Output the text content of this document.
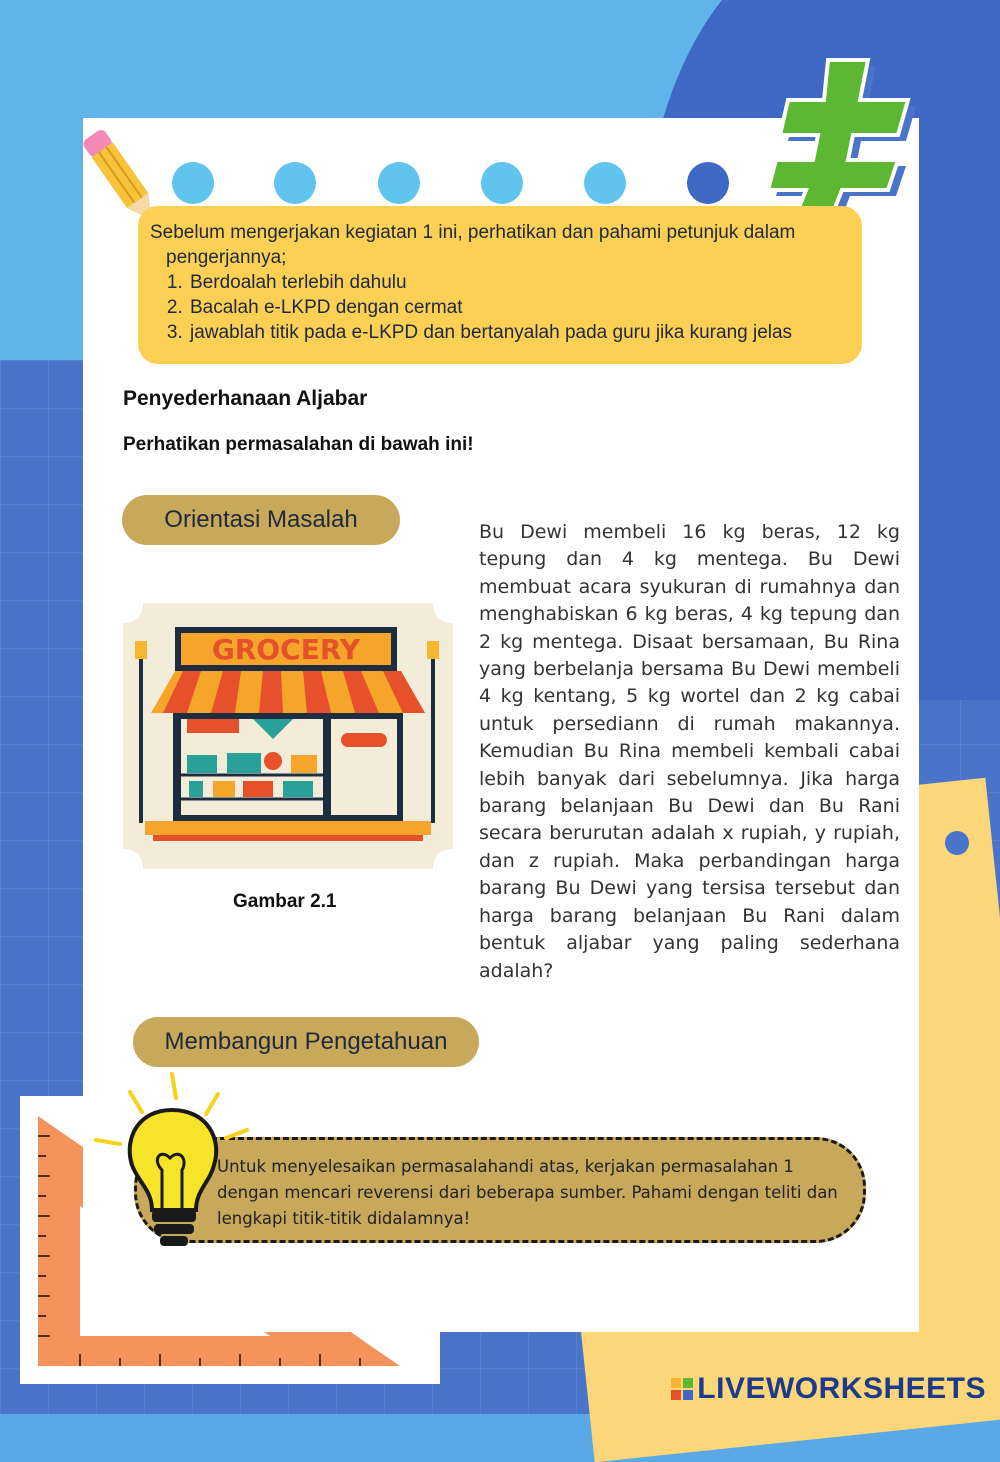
Sebelum mengerjakan kegiatan 1 ini, perhatikan dan pahami petunjuk dalam pengerjannya;
1. Berdoalah terlebih dahulu
2. Bacalah e-LKPD dengan cermat
3. jawablah titik pada e-LKPD dan bertanyalah pada guru jika kurang jelas
Penyederhanaan Aljabar
Perhatikan permasalahan di bawah ini!
Orientasi Masalah
GROCERY
Gambar 2.1
Bu Dewi membeli 16 kg beras, 12 kg tepung dan 4 kg mentega. Bu Dewi membuat acara syukuran di rumahnya dan menghabiskan 6 kg beras, 4 kg tepung dan 2 kg mentega. Disaat bersamaan, Bu Rina yang berbelanja bersama Bu Dewi membeli 4 kg kentang, 5 kg wortel dan 2 kg cabai untuk persediann di rumah makannya. Kemudian Bu Rina membeli kembali cabai lebih banyak dari sebelumnya. Jika harga barang belanjaan Bu Dewi dan Bu Rani secara berurutan adalah x rupiah, y rupiah, dan z rupiah. Maka perbandingan harga barang Bu Dewi yang tersisa tersebut dan harga barang belanjaan Bu Rani dalam bentuk aljabar yang paling sederhana adalah?
Membangun Pengetahuan
Untuk menyelesaikan permasalahandi atas, kerjakan permasalahan 1 dengan mencari reverensi dari beberapa sumber. Pahami dengan teliti dan lengkapi titik-titik didalamnya!
LIVEWORKSHEETS
